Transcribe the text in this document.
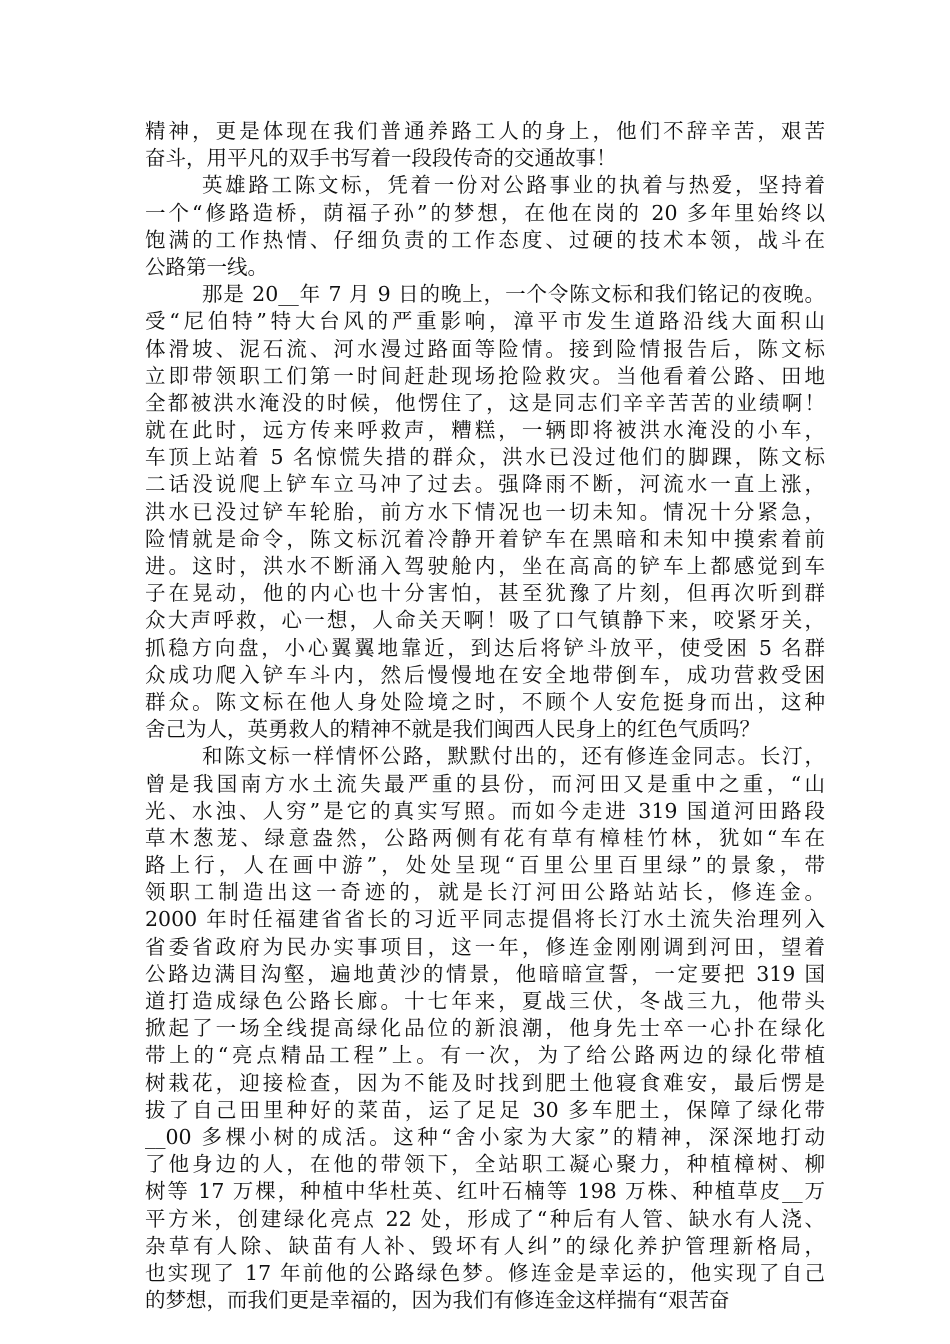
精神，更是体现在我们普通养路工人的身上，他们不辞辛苦，艰苦
奋斗，用平凡的双手书写着一段段传奇的交通故事！
英雄路工陈文标，凭着一份对公路事业的执着与热爱，坚持着
一个“修路造桥，荫福子孙”的梦想，在他在岗的 20 多年里始终以
饱满的工作热情、仔细负责的工作态度、过硬的技术本领，战斗在
公路第一线。
那是 20__年 7 月 9 日的晚上，一个令陈文标和我们铭记的夜晚。
受“尼伯特”特大台风的严重影响，漳平市发生道路沿线大面积山
体滑坡、泥石流、河水漫过路面等险情。接到险情报告后，陈文标
立即带领职工们第一时间赶赴现场抢险救灾。当他看着公路、田地
全都被洪水淹没的时候，他愣住了，这是同志们辛辛苦苦的业绩啊！
就在此时，远方传来呼救声，糟糕，一辆即将被洪水淹没的小车，
车顶上站着 5 名惊慌失措的群众，洪水已没过他们的脚踝，陈文标
二话没说爬上铲车立马冲了过去。强降雨不断，河流水一直上涨，
洪水已没过铲车轮胎，前方水下情况也一切未知。情况十分紧急，
险情就是命令，陈文标沉着冷静开着铲车在黑暗和未知中摸索着前
进。这时，洪水不断涌入驾驶舱内，坐在高高的铲车上都感觉到车
子在晃动，他的内心也十分害怕，甚至犹豫了片刻，但再次听到群
众大声呼救，心一想，人命关天啊！吸了口气镇静下来，咬紧牙关，
抓稳方向盘，小心翼翼地靠近，到达后将铲斗放平，使受困 5 名群
众成功爬入铲车斗内，然后慢慢地在安全地带倒车，成功营救受困
群众。陈文标在他人身处险境之时，不顾个人安危挺身而出，这种
舍己为人，英勇救人的精神不就是我们闽西人民身上的红色气质吗？
和陈文标一样情怀公路，默默付出的，还有修连金同志。长汀，
曾是我国南方水土流失最严重的县份，而河田又是重中之重，“山
光、水浊、人穷”是它的真实写照。而如今走进 319 国道河田路段
草木葱茏、绿意盎然，公路两侧有花有草有樟桂竹林，犹如“车在
路上行，人在画中游”，处处呈现“百里公里百里绿”的景象，带
领职工制造出这一奇迹的，就是长汀河田公路站站长，修连金。
2000 年时任福建省省长的习近平同志提倡将长汀水土流失治理列入
省委省政府为民办实事项目，这一年，修连金刚刚调到河田，望着
公路边满目沟壑，遍地黄沙的情景，他暗暗宣誓，一定要把 319 国
道打造成绿色公路长廊。十七年来，夏战三伏，冬战三九，他带头
掀起了一场全线提高绿化品位的新浪潮，他身先士卒一心扑在绿化
带上的“亮点精品工程”上。有一次，为了给公路两边的绿化带植
树栽花，迎接检查，因为不能及时找到肥土他寝食难安，最后愣是
拔了自己田里种好的菜苗，运了足足 30 多车肥土，保障了绿化带
__00 多棵小树的成活。这种“舍小家为大家”的精神，深深地打动
了他身边的人，在他的带领下，全站职工凝心聚力，种植樟树、柳
树等 17 万棵，种植中华杜英、红叶石楠等 198 万株、种植草皮__万
平方米，创建绿化亮点 22 处，形成了“种后有人管、缺水有人浇、
杂草有人除、缺苗有人补、毁坏有人纠”的绿化养护管理新格局，
也实现了 17 年前他的公路绿色梦。修连金是幸运的，他实现了自己
的梦想，而我们更是幸福的，因为我们有修连金这样揣有“艰苦奋
